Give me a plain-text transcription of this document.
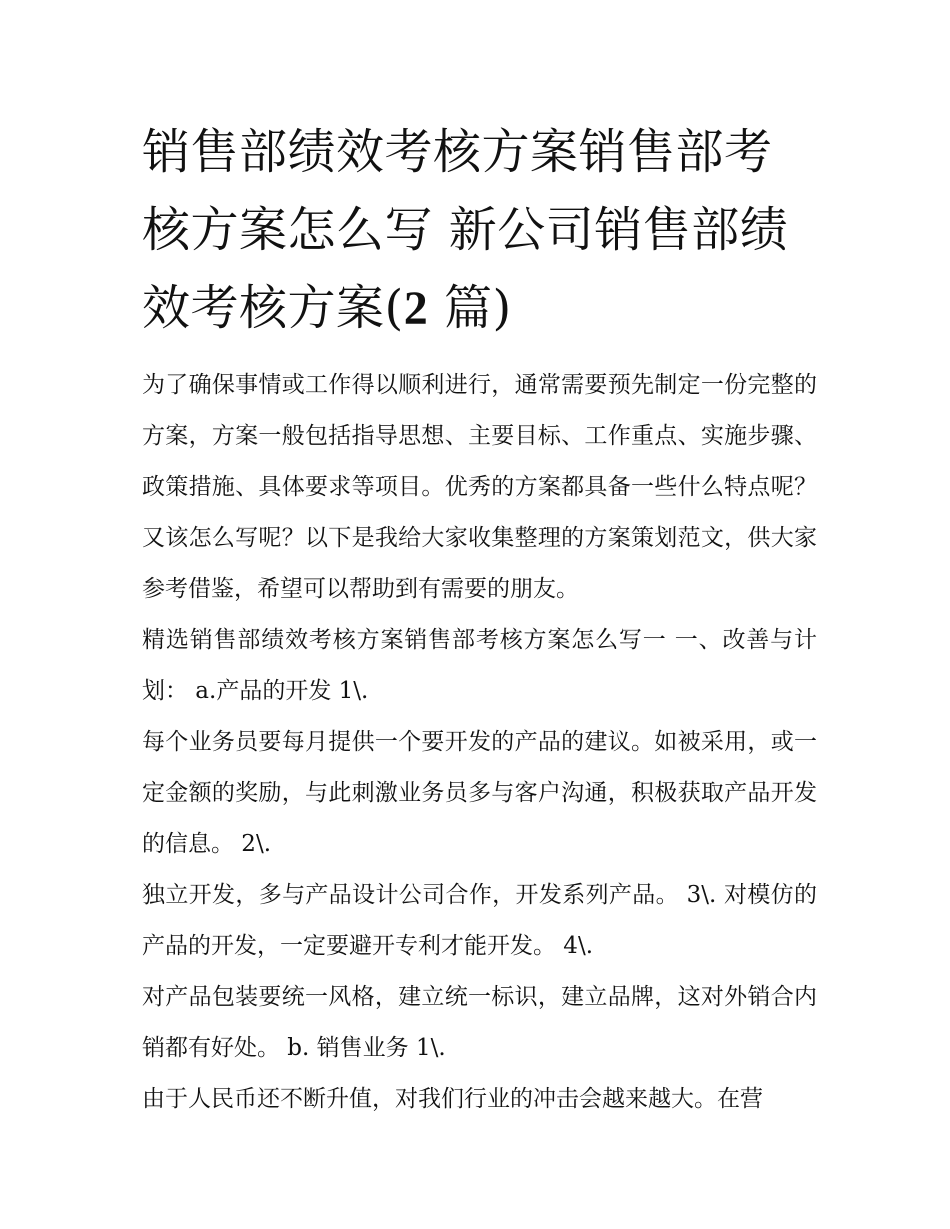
销售部绩效考核方案销售部考核方案怎么写 新公司销售部绩效考核方案(2 篇)

为了确保事情或工作得以顺利进行，通常需要预先制定一份完整的方案，方案一般包括指导思想、主要目标、工作重点、实施步骤、政策措施、具体要求等项目。优秀的方案都具备一些什么特点呢？又该怎么写呢？以下是我给大家收集整理的方案策划范文，供大家参考借鉴，希望可以帮助到有需要的朋友。

精选销售部绩效考核方案销售部考核方案怎么写一 一、改善与计划： a.产品的开发 1\.

每个业务员要每月提供一个要开发的产品的建议。如被采用，或一定金额的奖励，与此刺激业务员多与客户沟通，积极获取产品开发的信息。 2\.

独立开发，多与产品设计公司合作，开发系列产品。 3\. 对模仿的产品的开发，一定要避开专利才能开发。 4\.

对产品包装要统一风格，建立统一标识，建立品牌，这对外销合内销都有好处。 b. 销售业务 1\.

由于人民币还不断升值，对我们行业的冲击会越来越大。在营
